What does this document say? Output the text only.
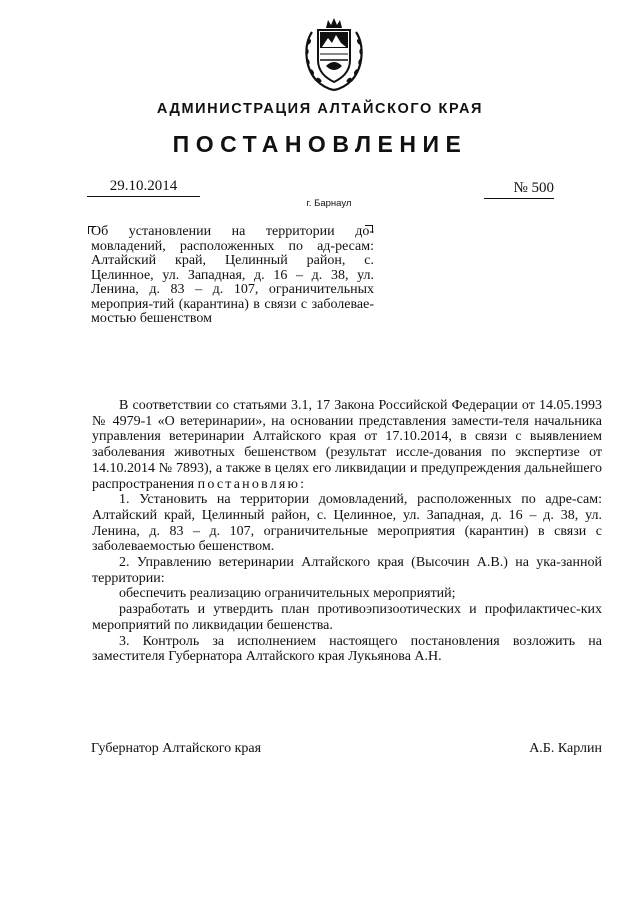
АДМИНИСТРАЦИЯ АЛТАЙСКОГО КРАЯ
ПОСТАНОВЛЕНИЕ
29.10.2014	№ 500
г. Барнаул
Об установлении на территории до-мовладений, расположенных по ад-ресам: Алтайский край, Целинный район, с. Целинное, ул. Западная, д. 16 – д. 38, ул. Ленина, д. 83 – д. 107, ограничительных мероприя-тий (карантина) в связи с заболевае-мостью бешенством

В соответствии со статьями 3.1, 17 Закона Российской Федерации от 14.05.1993 № 4979-1 «О ветеринарии», на основании представления замести-теля начальника управления ветеринарии Алтайского края от 17.10.2014, в связи с выявлением заболевания животных бешенством (результат иссле-дования по экспертизе от 14.10.2014 № 7893), а также в целях его ликвидации и предупреждения дальнейшего распространения постановляю:

1. Установить на территории домовладений, расположенных по адре-сам: Алтайский край, Целинный район, с. Целинное, ул. Западная, д. 16 – д. 38, ул. Ленина, д. 83 – д. 107, ограничительные мероприятия (карантин) в связи с заболеваемостью бешенством.

2. Управлению ветеринарии Алтайского края (Высочин А.В.) на ука-занной территории:

обеспечить реализацию ограничительных мероприятий;

разработать и утвердить план противоэпизоотических и профилактичес-ких мероприятий по ликвидации бешенства.

3. Контроль за исполнением настоящего постановления возложить на заместителя Губернатора Алтайского края Лукьянова А.Н.

Губернатор Алтайского края	А.Б. Карлин
